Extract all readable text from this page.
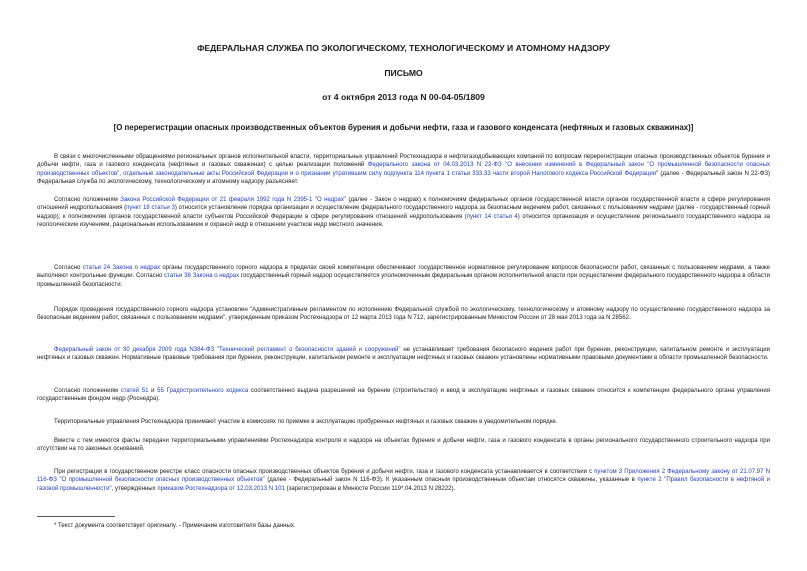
ФЕДЕРАЛЬНАЯ СЛУЖБА ПО ЭКОЛОГИЧЕСКОМУ, ТЕХНОЛОГИЧЕСКОМУ И АТОМНОМУ НАДЗОРУ
ПИСЬМО
от 4 октября 2013 года N 00-04-05/1809
[О перерегистрации опасных производственных объектов бурения и добычи нефти, газа и газового конденсата (нефтяных и газовых скважинах)]

В связи с многочисленными обращениями региональных органов исполнительной власти, территориальных управлений Ростехнадзора и нефтегазодобывающих компаний по вопросам перерегистрации опасных производственных объектов бурения и добычи нефти, газа и газового конденсата (нефтяных и газовых скважинах) с целью реализации положений Федерального закона от 04.03.2013 N 22-ФЗ "О внесении изменений в Федеральный закон "О промышленной безопасности опасных производственных объектов", отдельные законодательные акты Российской Федерации и о признании утратившим силу подпункта 114 пункта 1 статьи 333.33 части второй Налогового кодекса Российской Федерации" (далее - Федеральный закон N 22-ФЗ) Федеральная служба по экологическому, технологическому и атомному надзору разъясняет.

Согласно положениям Закона Российской Федерации от 21 февраля 1992 года N 2395-1 "О недрах" (далее - Закон о недрах) к полномочиям федеральных органов государственной власти органов государственной власти в сфере регулирования отношений недропользования (пункт 18 статьи 3) относится установление порядка организации и осуществление федерального государственного надзора за безопасным ведением работ, связанных с пользованием недрами (далее - государственный горный надзор); к полномочиям органов государственной власти субъектов Российской Федерации в сфере регулирования отношений недропользования (пункт 14 статьи 4) относится организация и осуществление регионального государственного надзора за геологическим изучением, рациональным использованием и охраной недр в отношении участков недр местного значения.

Согласно статьи 24 Закона о недрах органы государственного горного надзора в пределах своей компетенции обеспечивают государственное нормативное регулирование вопросов безопасности работ, связанных с пользованием недрами, а также выполняют контрольные функции. Согласно статьи 38 Закона о недрах государственный горный надзор осуществляется уполномоченным федеральным органом исполнительной власти при осуществлении федерального государственного надзора в области промышленной безопасности.

Порядок проведения государственного горного надзора установлен "Административным регламентом по исполнению Федеральной службой по экологическому, технологическому и атомному надзору по осуществлению государственного надзора за безопасным ведением работ, связанных с пользованием недрами", утвержденным приказом Ростехнадзора от 12 марта 2013 года N 712, зарегистрированным Минюстом России от 28 мая 2013 года за N 28562.

Федеральный закон от 30 декабря 2009 года N384-ФЗ "Технический регламент о безопасности зданий и сооружений" не устанавливает требования безопасного ведения работ при бурении, реконструкции, капитальном ремонте и эксплуатации нефтяных и газовых скважин. Нормативные правовые требования при бурении, реконструкции, капитальном ремонте и эксплуатации нефтяных и газовых скважин установлены нормативными правовыми документами в области промышленной безопасности.

Согласно положениям статей 51 и 55 Градостроительного кодекса соответственно выдача разрешений на бурение (строительство) и ввод в эксплуатацию нефтяных и газовых скважин относится к компетенции федерального органа управления государственным фондом недр (Роснедра).

Территориальные управления Ростехнадзора принимают участие в комиссиях по приемке в эксплуатацию пробуренных нефтяных и газовых скважин в уведомительном порядке.

Вместе с тем имеются факты передачи территориальными управлениями Ростехнадзора контроля и надзора на объектах бурения и добычи нефти, газа и газового конденсата в органы регионального государственного строительного надзора при отсутствии на то законных оснований.

При регистрации в государственном реестре класс опасности опасных производственных объектов бурения и добычи нефти, газа и газового конденсата устанавливается в соответствии с пунктом 3 Приложения 2 Федеральному закону от 21.07.97 N 116-ФЗ "О промышленной безопасности опасных производственных объектов" (далее - Федеральный закон N 116-ФЗ). К указанным опасным производственным объектам относятся скважины, указанные в пункте 2 "Правил безопасности в нефтяной и газовой промышленности", утвержденных приказом Ростехнадзора от 12.03.2013 N 101 (зарегистрирован в Минюсте России 119*.04.2013 N 28222).

* Текст документа соответствует оригиналу. - Примечание изготовителя базы данных.
